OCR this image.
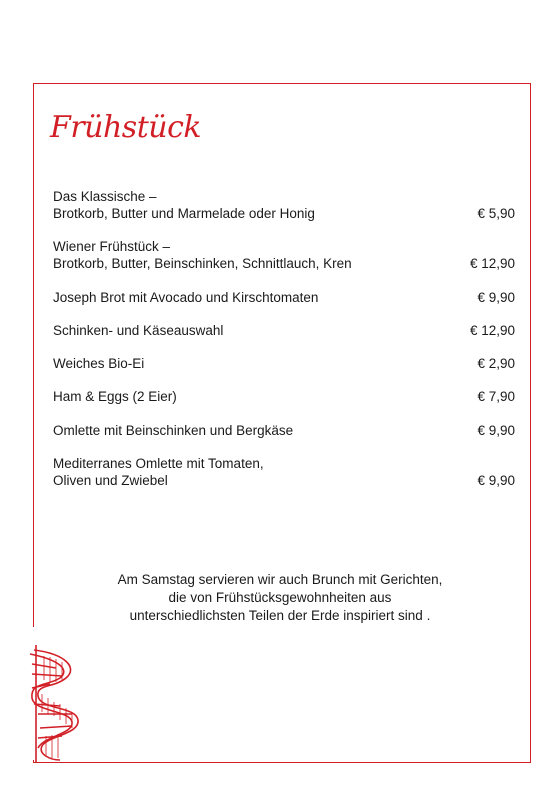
Frühstück
Das Klassische –
Brotkorb, Butter und Marmelade oder Honig	€ 5,90
Wiener Frühstück –
Brotkorb, Butter, Beinschinken, Schnittlauch, Kren	€ 12,90
Joseph Brot mit Avocado und Kirschtomaten	€ 9,90
Schinken- und Käseauswahl	€ 12,90
Weiches Bio-Ei	€ 2,90
Ham & Eggs (2 Eier)	€ 7,90
Omlette mit Beinschinken und Bergkäse	€ 9,90
Mediterranes Omlette mit Tomaten,
Oliven und Zwiebel	€ 9,90
Am Samstag servieren wir auch Brunch mit Gerichten,
die von Frühstücksgewohnheiten aus
unterschiedlichsten Teilen der Erde inspiriert sind .
